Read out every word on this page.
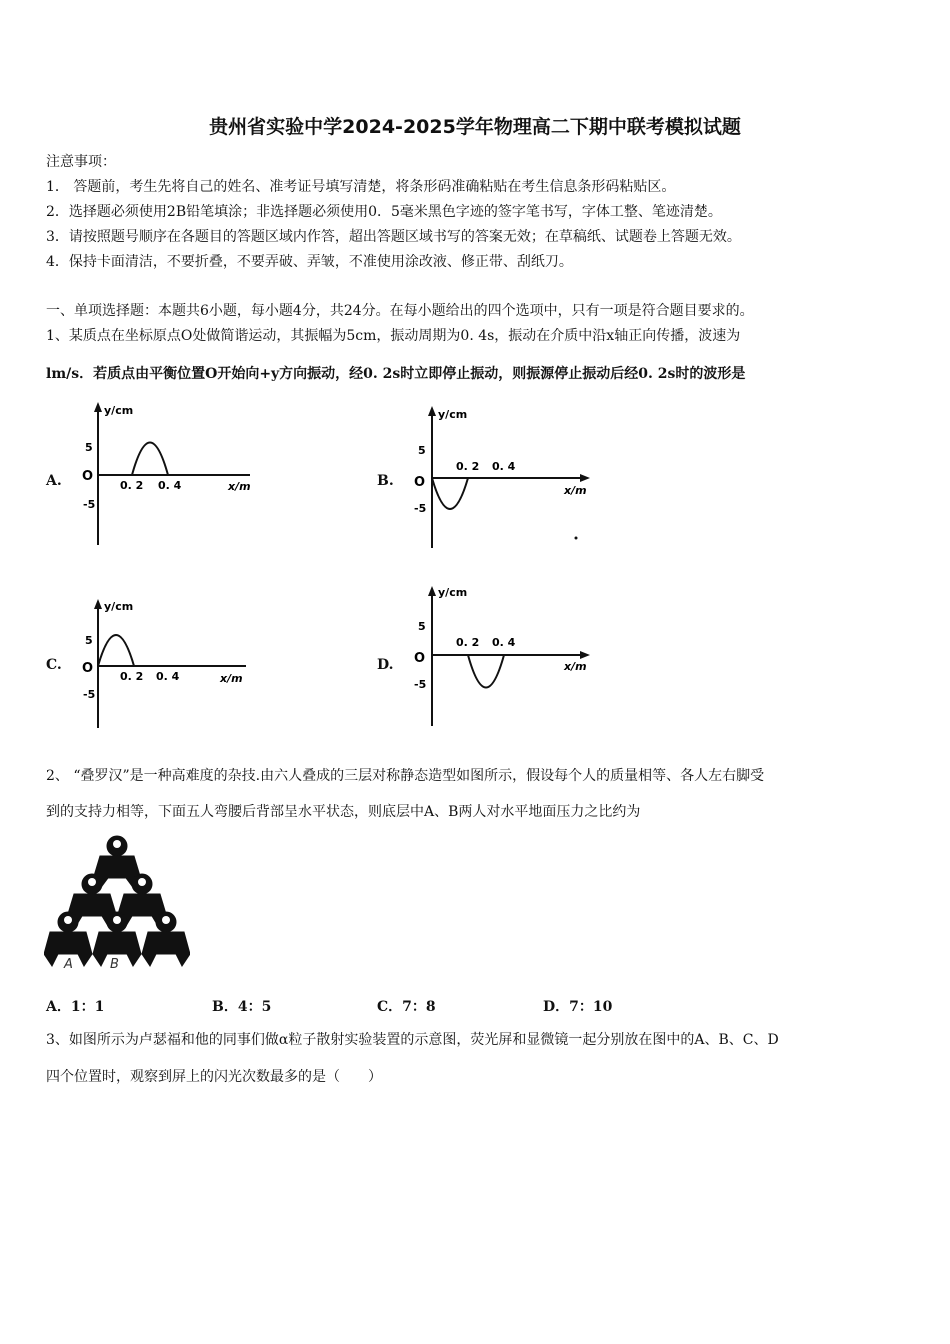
贵州省实验中学2024-2025学年物理高二下期中联考模拟试题
注意事项：
1． 答题前，考生先将自己的姓名、准考证号填写清楚，将条形码准确粘贴在考生信息条形码粘贴区。
2．选择题必须使用2B铅笔填涂；非选择题必须使用0．5毫米黑色字迹的签字笔书写，字体工整、笔迹清楚。
3．请按照题号顺序在各题目的答题区域内作答，超出答题区域书写的答案无效；在草稿纸、试题卷上答题无效。
4．保持卡面清洁，不要折叠，不要弄破、弄皱，不准使用涂改液、修正带、刮纸刀。
一、单项选择题：本题共6小题，每小题4分，共24分。在每小题给出的四个选项中，只有一项是符合题目要求的。
1、某质点在坐标原点O处做简谐运动，其振幅为5cm，振动周期为0. 4s，振动在介质中沿x轴正向传播，波速为
lm/s．若质点由平衡位置O开始向+y方向振动，经0. 2s时立即停止振动，则振源停止振动后经0. 2s时的波形是
A.	B.
C.	D.
y/cm
x/m
O
5
-5
0. 2 0. 4
y/cm
x/m
O
5
-5
0. 2 0. 4
y/cm
x/m
O
5
-5
0. 2 0. 4
y/cm
x/m
O
5
-5
0. 2 0. 4
2、 “叠罗汉”是一种高难度的杂技.由六人叠成的三层对称静态造型如图所示，假设每个人的质量相等、各人左右脚受
到的支持力相等，下面五人弯腰后背部呈水平状态，则底层中A、B两人对水平地面压力之比约为
A	B
A．1：1	B．4：5	C．7：8	D．7：10
3、如图所示为卢瑟福和他的同事们做α粒子散射实验装置的示意图，荧光屏和显微镜一起分别放在图中的A、B、C、D
四个位置时，观察到屏上的闪光次数最多的是（　　）
